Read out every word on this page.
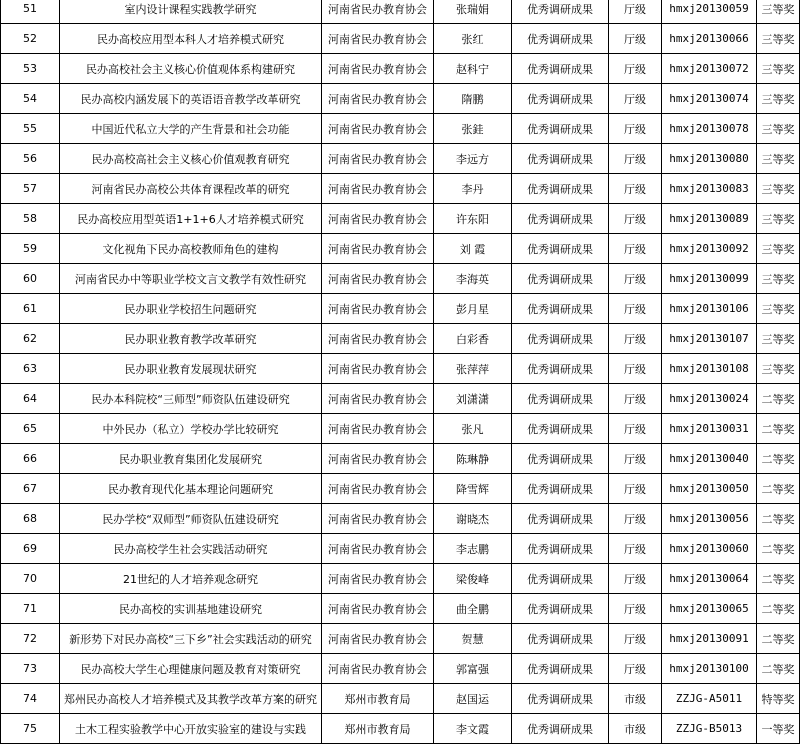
51	室内设计课程实践教学研究	河南省民办教育协会	张瑞娟	优秀调研成果	厅级	hmxj20130059	三等奖
52	民办高校应用型本科人才培养模式研究	河南省民办教育协会	张红	优秀调研成果	厅级	hmxj20130066	三等奖
53	民办高校社会主义核心价值观体系构建研究	河南省民办教育协会	赵科宁	优秀调研成果	厅级	hmxj20130072	三等奖
54	民办高校内涵发展下的英语语音教学改革研究	河南省民办教育协会	隋鹏	优秀调研成果	厅级	hmxj20130074	三等奖
55	中国近代私立大学的产生背景和社会功能	河南省民办教育协会	张銈	优秀调研成果	厅级	hmxj20130078	三等奖
56	民办高校高社会主义核心价值观教育研究	河南省民办教育协会	李远方	优秀调研成果	厅级	hmxj20130080	三等奖
57	河南省民办高校公共体育课程改革的研究	河南省民办教育协会	李丹	优秀调研成果	厅级	hmxj20130083	三等奖
58	民办高校应用型英语1+1+6人才培养模式研究	河南省民办教育协会	许东阳	优秀调研成果	厅级	hmxj20130089	三等奖
59	文化视角下民办高校教师角色的建构	河南省民办教育协会	刘 霞	优秀调研成果	厅级	hmxj20130092	三等奖
60	河南省民办中等职业学校文言文教学有效性研究	河南省民办教育协会	李海英	优秀调研成果	厅级	hmxj20130099	三等奖
61	民办职业学校招生问题研究	河南省民办教育协会	彭月星	优秀调研成果	厅级	hmxj20130106	三等奖
62	民办职业教育教学改革研究	河南省民办教育协会	白彩香	优秀调研成果	厅级	hmxj20130107	三等奖
63	民办职业教育发展现状研究	河南省民办教育协会	张萍萍	优秀调研成果	厅级	hmxj20130108	三等奖
64	民办本科院校“三师型”师资队伍建设研究	河南省民办教育协会	刘潇潇	优秀调研成果	厅级	hmxj20130024	二等奖
65	中外民办（私立）学校办学比较研究	河南省民办教育协会	张凡	优秀调研成果	厅级	hmxj20130031	二等奖
66	民办职业教育集团化发展研究	河南省民办教育协会	陈琳静	优秀调研成果	厅级	hmxj20130040	二等奖
67	民办教育现代化基本理论问题研究	河南省民办教育协会	降雪辉	优秀调研成果	厅级	hmxj20130050	二等奖
68	民办学校“双师型”师资队伍建设研究	河南省民办教育协会	谢晓杰	优秀调研成果	厅级	hmxj20130056	二等奖
69	民办高校学生社会实践活动研究	河南省民办教育协会	李志鹏	优秀调研成果	厅级	hmxj20130060	二等奖
70	21世纪的人才培养观念研究	河南省民办教育协会	梁俊峰	优秀调研成果	厅级	hmxj20130064	二等奖
71	民办高校的实训基地建设研究	河南省民办教育协会	曲全鹏	优秀调研成果	厅级	hmxj20130065	二等奖
72	新形势下对民办高校“三下乡”社会实践活动的研究	河南省民办教育协会	贺慧	优秀调研成果	厅级	hmxj20130091	二等奖
73	民办高校大学生心理健康问题及教育对策研究	河南省民办教育协会	郭富强	优秀调研成果	厅级	hmxj20130100	二等奖
74	郑州民办高校人才培养模式及其教学改革方案的研究	郑州市教育局	赵国运	优秀调研成果	市级	ZZJG-A5011	特等奖
75	土木工程实验教学中心开放实验室的建设与实践	郑州市教育局	李文霞	优秀调研成果	市级	ZZJG-B5013	一等奖
